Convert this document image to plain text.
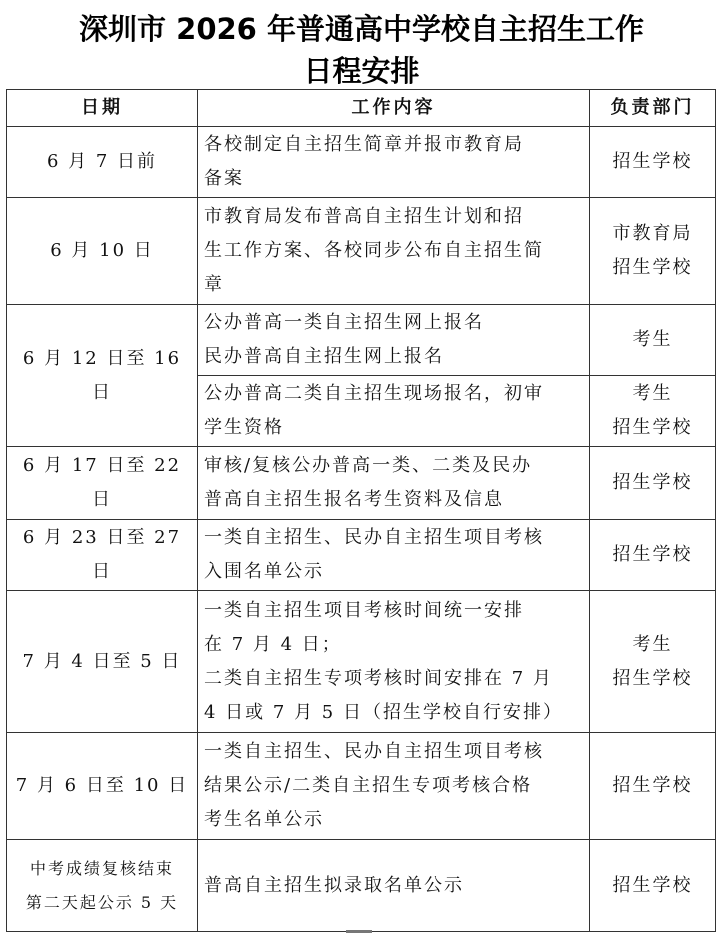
深圳市 2026 年普通高中学校自主招生工作
日程安排
日期	工作内容	负责部门
6 月 7 日前	各校制定自主招生简章并报市教育局
备案	招生学校

6 月 10 日	市教育局发布普高自主招生计划和招
生工作方案、各校同步公布自主招生简
章	市教育局
招生学校

6 月 12 日至 16 日	公办普高一类自主招生网上报名
民办普高自主招生网上报名	考生

	公办普高二类自主招生现场报名，初审
学生资格	考生
招生学校

6 月 17 日至 22 日	审核/复核公办普高一类、二类及民办
普高自主招生报名考生资料及信息	招生学校

6 月 23 日至 27 日	一类自主招生、民办自主招生项目考核
入围名单公示	招生学校

7 月 4 日至 5 日	一类自主招生项目考核时间统一安排
在 7 月 4 日；
二类自主招生专项考核时间安排在 7 月
4 日或 7 月 5 日（招生学校自行安排）	考生
招生学校

7 月 6 日至 10 日	一类自主招生、民办自主招生项目考核
结果公示/二类自主招生专项考核合格
考生名单公示	招生学校

中考成绩复核结束
第二天起公示 5 天	普高自主招生拟录取名单公示	招生学校
